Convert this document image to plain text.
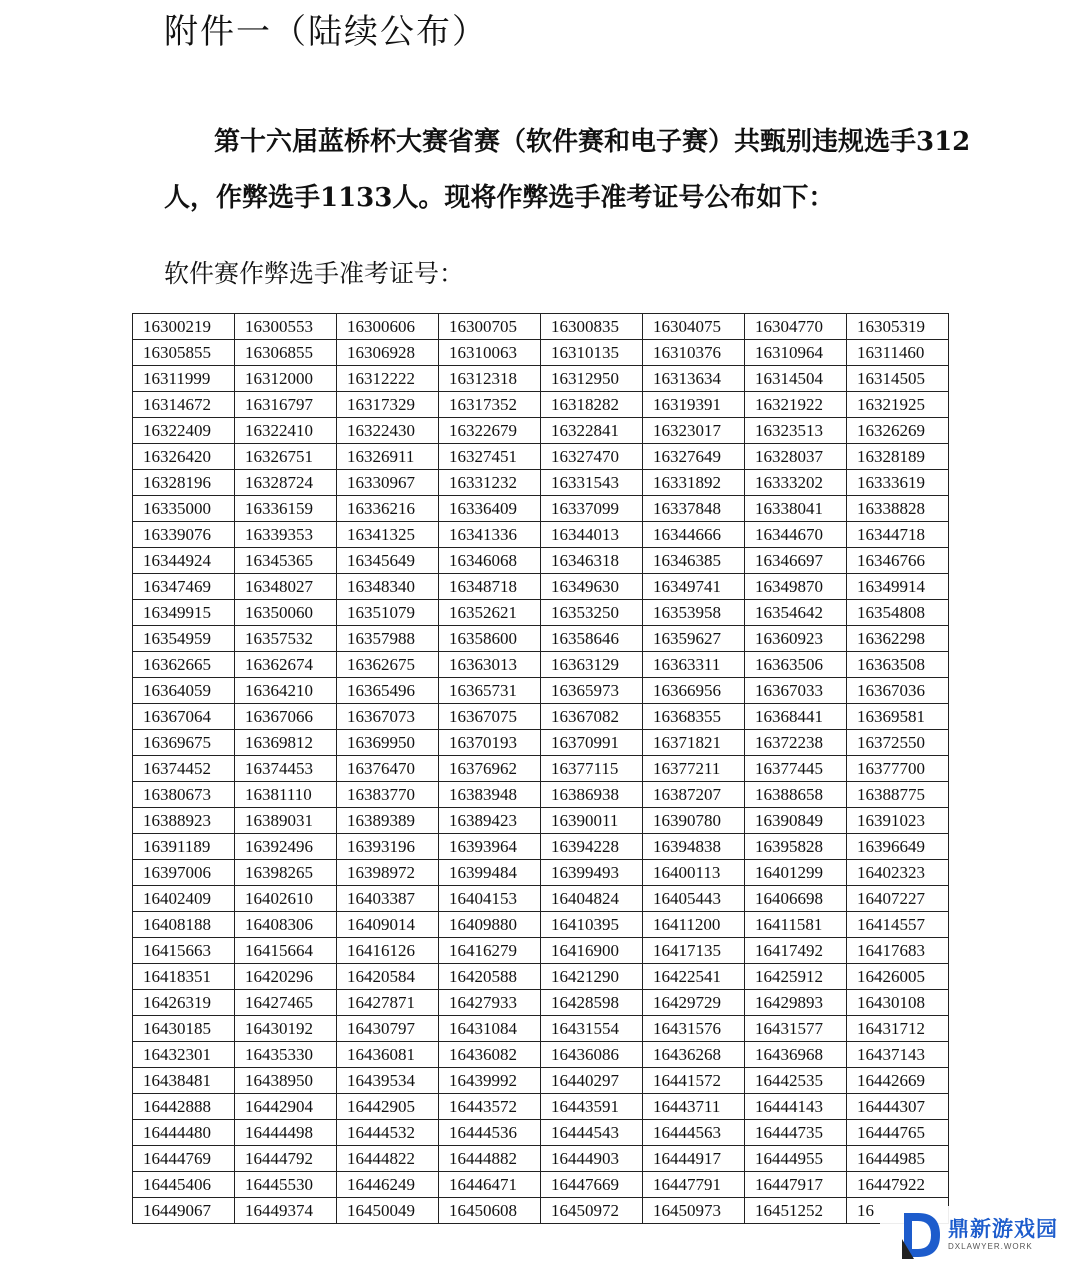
附件一（陆续公布）

第十六届蓝桥杯大赛省赛（软件赛和电子赛）共甄别违规选手312

人，作弊选手1133人。现将作弊选手准考证号公布如下：

软件赛作弊选手准考证号：

16300219	16300553	16300606	16300705	16300835	16304075	16304770	16305319
16305855	16306855	16306928	16310063	16310135	16310376	16310964	16311460
16311999	16312000	16312222	16312318	16312950	16313634	16314504	16314505
16314672	16316797	16317329	16317352	16318282	16319391	16321922	16321925
16322409	16322410	16322430	16322679	16322841	16323017	16323513	16326269
16326420	16326751	16326911	16327451	16327470	16327649	16328037	16328189
16328196	16328724	16330967	16331232	16331543	16331892	16333202	16333619
16335000	16336159	16336216	16336409	16337099	16337848	16338041	16338828
16339076	16339353	16341325	16341336	16344013	16344666	16344670	16344718
16344924	16345365	16345649	16346068	16346318	16346385	16346697	16346766
16347469	16348027	16348340	16348718	16349630	16349741	16349870	16349914
16349915	16350060	16351079	16352621	16353250	16353958	16354642	16354808
16354959	16357532	16357988	16358600	16358646	16359627	16360923	16362298
16362665	16362674	16362675	16363013	16363129	16363311	16363506	16363508
16364059	16364210	16365496	16365731	16365973	16366956	16367033	16367036
16367064	16367066	16367073	16367075	16367082	16368355	16368441	16369581
16369675	16369812	16369950	16370193	16370991	16371821	16372238	16372550
16374452	16374453	16376470	16376962	16377115	16377211	16377445	16377700
16380673	16381110	16383770	16383948	16386938	16387207	16388658	16388775
16388923	16389031	16389389	16389423	16390011	16390780	16390849	16391023
16391189	16392496	16393196	16393964	16394228	16394838	16395828	16396649
16397006	16398265	16398972	16399484	16399493	16400113	16401299	16402323
16402409	16402610	16403387	16404153	16404824	16405443	16406698	16407227
16408188	16408306	16409014	16409880	16410395	16411200	16411581	16414557
16415663	16415664	16416126	16416279	16416900	16417135	16417492	16417683
16418351	16420296	16420584	16420588	16421290	16422541	16425912	16426005
16426319	16427465	16427871	16427933	16428598	16429729	16429893	16430108
16430185	16430192	16430797	16431084	16431554	16431576	16431577	16431712
16432301	16435330	16436081	16436082	16436086	16436268	16436968	16437143
16438481	16438950	16439534	16439992	16440297	16441572	16442535	16442669
16442888	16442904	16442905	16443572	16443591	16443711	16444143	16444307
16444480	16444498	16444532	16444536	16444543	16444563	16444735	16444765
16444769	16444792	16444822	16444882	16444903	16444917	16444955	16444985
16445406	16445530	16446249	16446471	16447669	16447791	16447917	16447922
16449067	16449374	16450049	16450608	16450972	16450973	16451252	16
鼎新游戏园
DXLAWYER.WORK
